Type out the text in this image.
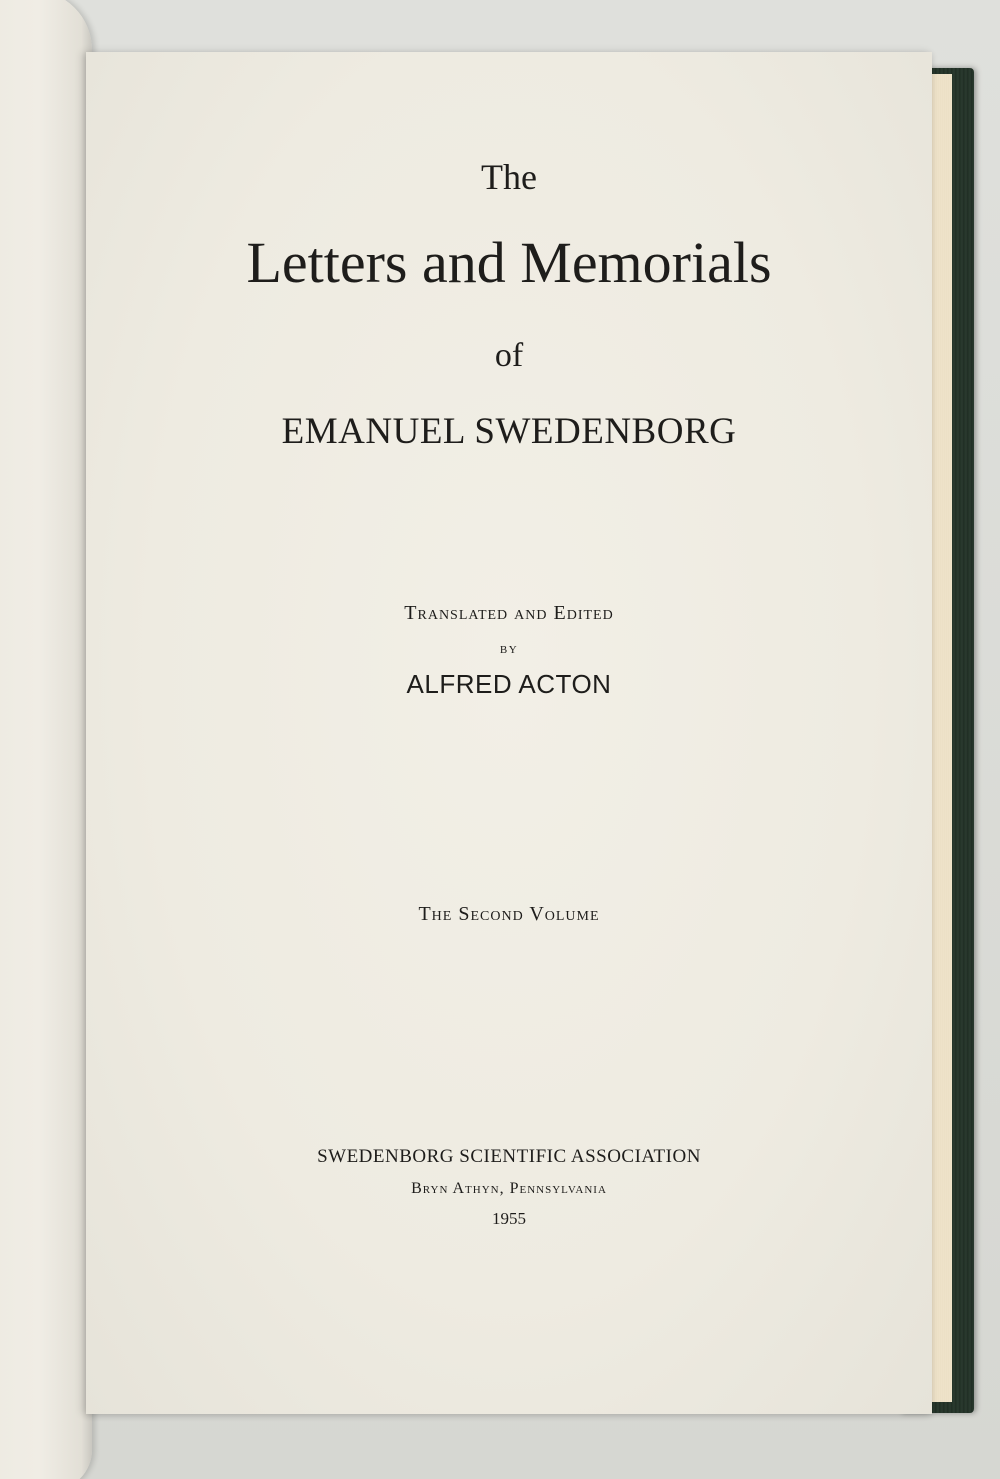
The
Letters and Memorials
of
EMANUEL SWEDENBORG
Translated and Edited
by
ALFRED ACTON
The Second Volume
SWEDENBORG SCIENTIFIC ASSOCIATION
Bryn Athyn, Pennsylvania
1955
